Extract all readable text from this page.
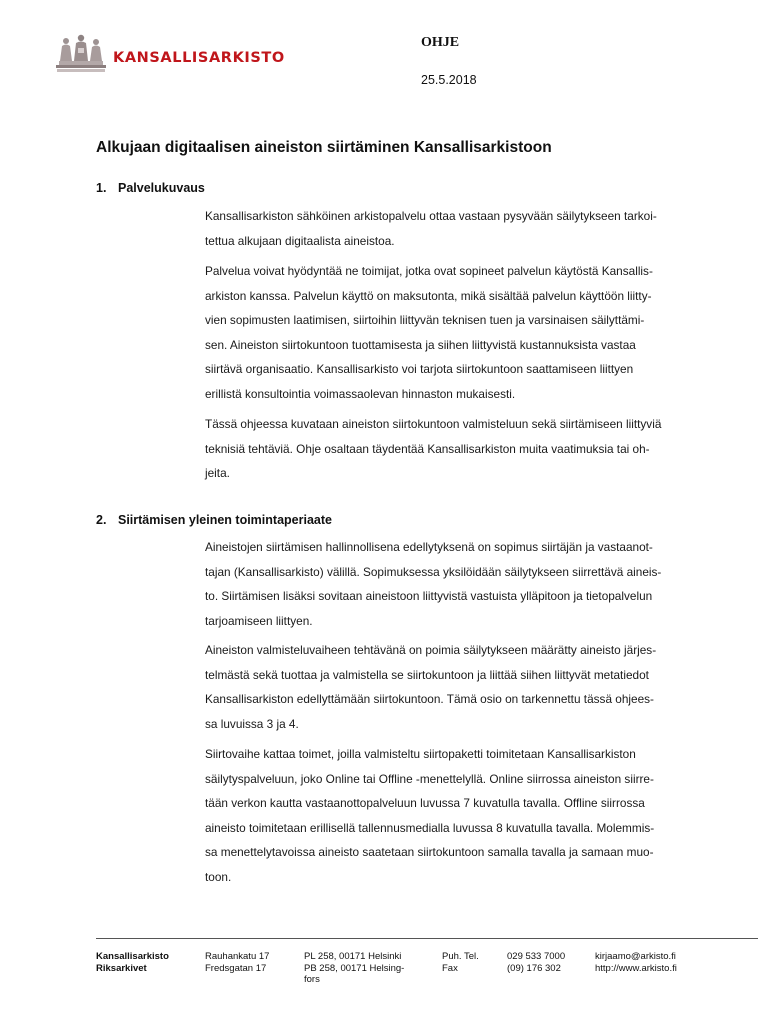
KANSALLISARKISTO
OHJE
25.5.2018
Alkujaan digitaalisen aineiston siirtäminen Kansallisarkistoon
1. Palvelukuvaus

Kansallisarkiston sähköinen arkistopalvelu ottaa vastaan pysyvään säilytykseen tarkoi-
tettua alkujaan digitaalista aineistoa.

Palvelua voivat hyödyntää ne toimijat, jotka ovat sopineet palvelun käytöstä Kansallis-
arkiston kanssa. Palvelun käyttö on maksutonta, mikä sisältää palvelun käyttöön liitty-
vien sopimusten laatimisen, siirtoihin liittyvän teknisen tuen ja varsinaisen säilyttämi-
sen. Aineiston siirtokuntoon tuottamisesta ja siihen liittyvistä kustannuksista vastaa
siirtävä organisaatio. Kansallisarkisto voi tarjota siirtokuntoon saattamiseen liittyen
erillistä konsultointia voimassaolevan hinnaston mukaisesti.

Tässä ohjeessa kuvataan aineiston siirtokuntoon valmisteluun sekä siirtämiseen liittyviä
teknisiä tehtäviä. Ohje osaltaan täydentää Kansallisarkiston muita vaatimuksia tai oh-
jeita.

2. Siirtämisen yleinen toimintaperiaate

Aineistojen siirtämisen hallinnollisena edellytyksenä on sopimus siirtäjän ja vastaanot-
tajan (Kansallisarkisto) välillä. Sopimuksessa yksilöidään säilytykseen siirrettävä aineis-
to. Siirtämisen lisäksi sovitaan aineistoon liittyvistä vastuista ylläpitoon ja tietopalvelun
tarjoamiseen liittyen.

Aineiston valmisteluvaiheen tehtävänä on poimia säilytykseen määrätty aineisto järjes-
telmästä sekä tuottaa ja valmistella se siirtokuntoon ja liittää siihen liittyvät metatiedot
Kansallisarkiston edellyttämään siirtokuntoon. Tämä osio on tarkennettu tässä ohjees-
sa luvuissa 3 ja 4.

Siirtovaihe kattaa toimet, joilla valmisteltu siirtopaketti toimitetaan Kansallisarkiston
säilytyspalveluun, joko Online tai Offline -menettelyllä. Online siirrossa aineiston siirre-
tään verkon kautta vastaanottopalveluun luvussa 7 kuvatulla tavalla. Offline siirrossa
aineisto toimitetaan erillisellä tallennusmedialla luvussa 8 kuvatulla tavalla. Molemmis-
sa menettelytavoissa aineisto saatetaan siirtokuntoon samalla tavalla ja samaan muo-
toon.

Kansallisarkisto
Riksarkivet
Rauhankatu 17
Fredsgatan 17
PL 258, 00171 Helsinki
PB 258, 00171 Helsing-
fors
Puh. Tel.
Fax
029 533 7000
(09) 176 302
kirjaamo@arkisto.fi
http://www.arkisto.fi
